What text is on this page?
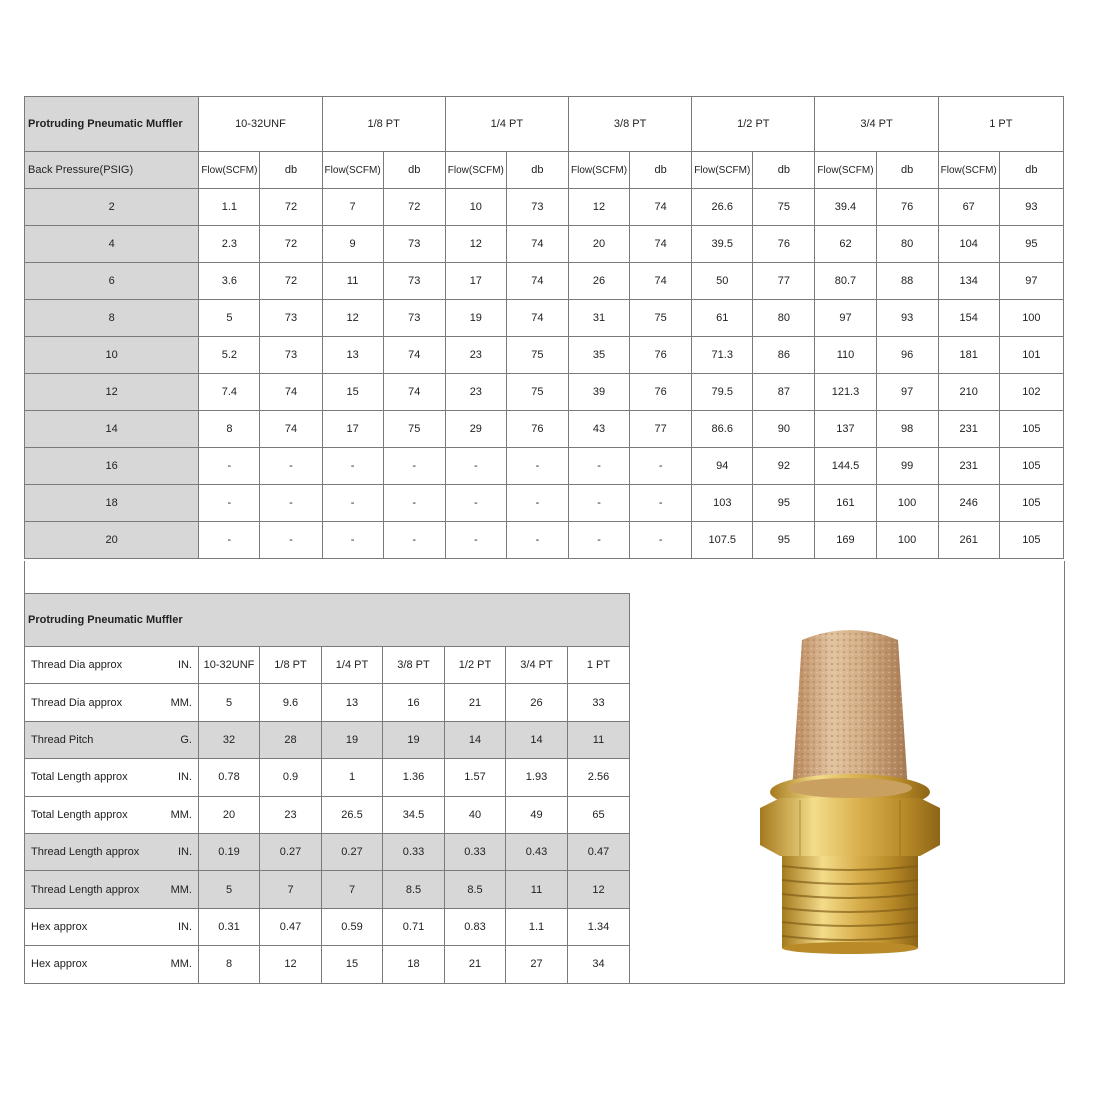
Protruding Pneumatic Muffler	10-32UNF		1/8 PT		1/4 PT		3/8 PT		1/2 PT		3/4 PT		1 PT	
Back Pressure(PSIG)	Flow(SCFM)	db	Flow(SCFM)	db	Flow(SCFM)	db	Flow(SCFM)	db	Flow(SCFM)	db	Flow(SCFM)	db	Flow(SCFM)	db
2	1.1	72	7	72	10	73	12	74	26.6	75	39.4	76	67	93
4	2.3	72	9	73	12	74	20	74	39.5	76	62	80	104	95
6	3.6	72	11	73	17	74	26	74	50	77	80.7	88	134	97
8	5	73	12	73	19	74	31	75	61	80	97	93	154	100
10	5.2	73	13	74	23	75	35	76	71.3	86	110	96	181	101
12	7.4	74	15	74	23	75	39	76	79.5	87	121.3	97	210	102
14	8	74	17	75	29	76	43	77	86.6	90	137	98	231	105
16	-	-	-	-	-	-	-	-	94	92	144.5	99	231	105
18	-	-	-	-	-	-	-	-	103	95	161	100	246	105
20	-	-	-	-	-	-	-	-	107.5	95	169	100	261	105
Protruding Pneumatic Muffler							

Thread Dia approx IN.	10-32UNF	1/8 PT	1/4 PT	3/8 PT	1/2 PT	3/4 PT	1 PT

Thread Dia approx MM.	5	9.6	13	16	21	26	33

Thread Pitch G.	32	28	19	19	14	14	11

Total Length approx IN.	0.78	0.9	1	1.36	1.57	1.93	2.56

Total Length approx MM.	20	23	26.5	34.5	40	49	65

Thread Length approx IN.	0.19	0.27	0.27	0.33	0.33	0.43	0.47

Thread Length approx MM.	5	7	7	8.5	8.5	11	12

Hex approx IN.	0.31	0.47	0.59	0.71	0.83	1.1	1.34

Hex approx MM.	8	12	15	18	21	27	34
